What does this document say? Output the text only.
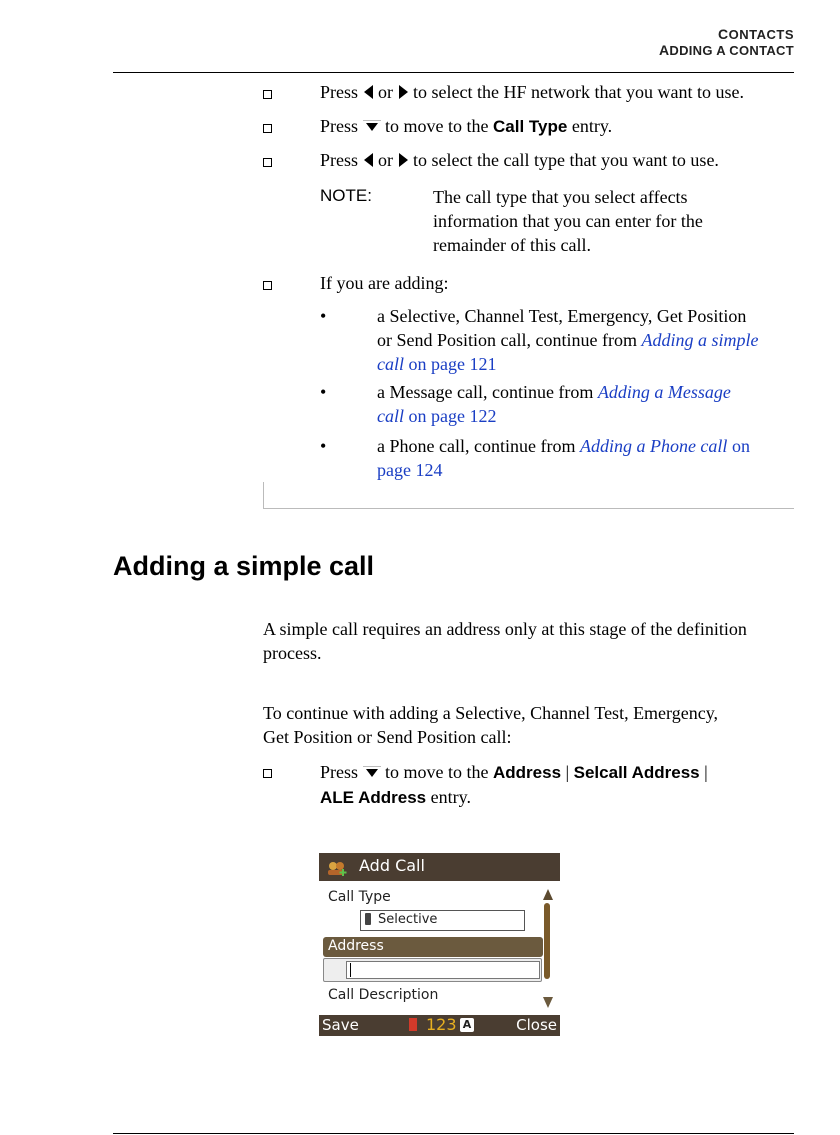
CONTACTS
ADDING A CONTACT
Press or to select the HF network that you want to use.
Press to move to the Call Type entry.
Press or to select the call type that you want to use.
NOTE:	The call type that you select affects
information that you can enter for the
remainder of this call.
If you are adding:
•	a Selective, Channel Test, Emergency, Get Position
or Send Position call, continue from Adding a simple
call on page 121
•	a Message call, continue from Adding a Message
call on page 122
•	a Phone call, continue from Adding a Phone call on
page 124
Adding a simple call
A simple call requires an address only at this stage of the definition
process.
To continue with adding a Selective, Channel Test, Emergency,
Get Position or Send Position call:
Press to move to the Address | Selcall Address |
ALE Address entry.
Add Call
Call Type
Selective
Address
Call Description
Save	123 A	Close
